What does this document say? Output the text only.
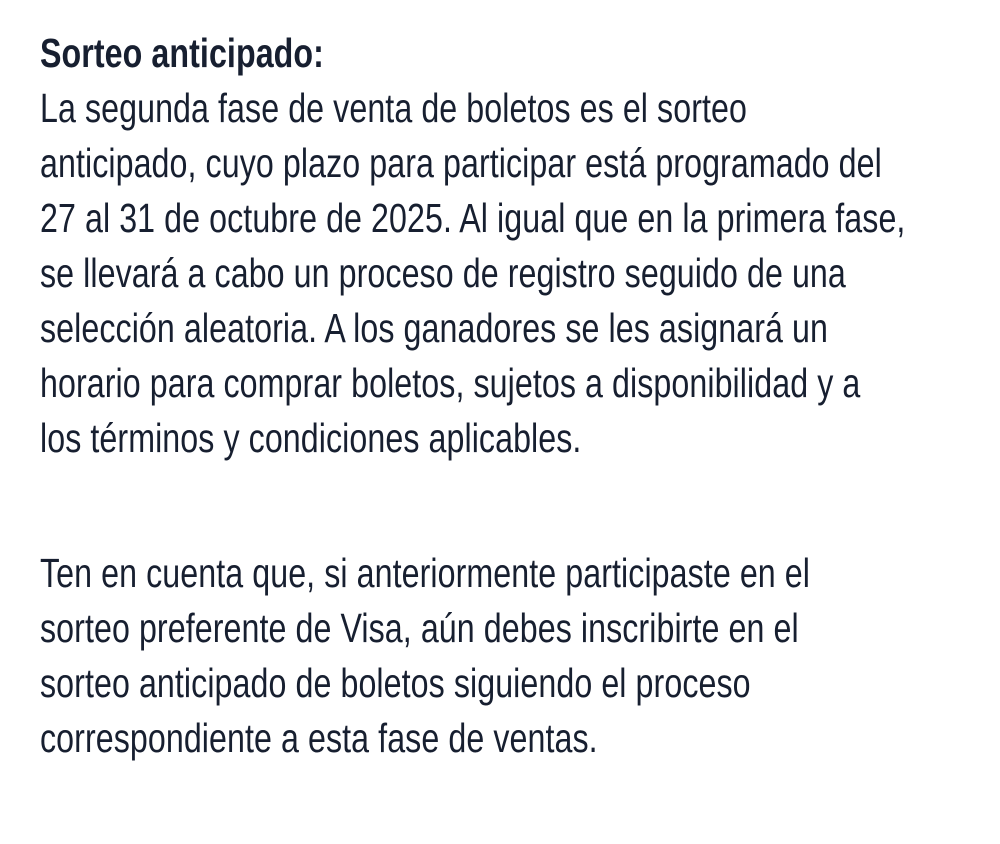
Sorteo anticipado:
La segunda fase de venta de boletos es el sorteo
anticipado, cuyo plazo para participar está programado del
27 al 31 de octubre de 2025. Al igual que en la primera fase,
se llevará a cabo un proceso de registro seguido de una
selección aleatoria. A los ganadores se les asignará un
horario para comprar boletos, sujetos a disponibilidad y a
los términos y condiciones aplicables.
Ten en cuenta que, si anteriormente participaste en el
sorteo preferente de Visa, aún debes inscribirte en el
sorteo anticipado de boletos siguiendo el proceso
correspondiente a esta fase de ventas.
